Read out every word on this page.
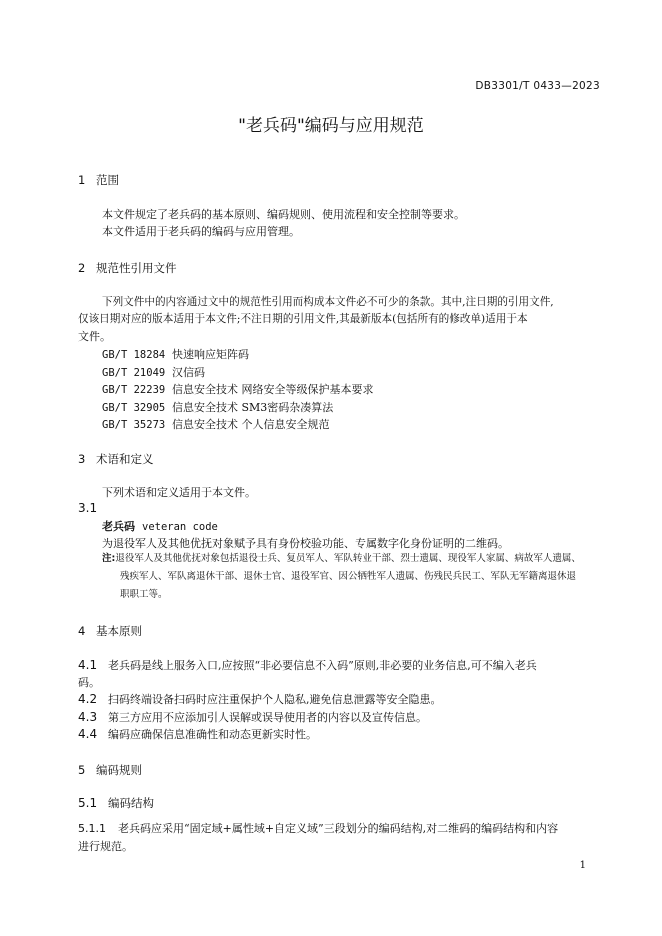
DB3301/T 0433—2023
"老兵码"编码与应用规范
1 范围
本文件规定了老兵码的基本原则、编码规则、使用流程和安全控制等要求。
本文件适用于老兵码的编码与应用管理。
2 规范性引用文件
下列文件中的内容通过文中的规范性引用而构成本文件必不可少的条款。其中,注日期的引用文件,
仅该日期对应的版本适用于本文件;不注日期的引用文件,其最新版本(包括所有的修改单)适用于本
文件。
GB/T 18284 快速响应矩阵码
GB/T 21049 汉信码
GB/T 22239 信息安全技术 网络安全等级保护基本要求
GB/T 32905 信息安全技术 SM3密码杂凑算法
GB/T 35273 信息安全技术 个人信息安全规范
3 术语和定义
下列术语和定义适用于本文件。
3.1
老兵码 veteran code
为退役军人及其他优抚对象赋予具有身份校验功能、专属数字化身份证明的二维码。
注:退役军人及其他优抚对象包括退役士兵、复员军人、军队转业干部、烈士遗属、现役军人家属、病故军人遗属、
残疾军人、军队离退休干部、退休士官、退役军官、因公牺牲军人遗属、伤残民兵民工、军队无军籍离退休退
职职工等。
4 基本原则
4.1 老兵码是线上服务入口,应按照“非必要信息不入码”原则,非必要的业务信息,可不编入老兵
码。
4.2 扫码终端设备扫码时应注重保护个人隐私,避免信息泄露等安全隐患。
4.3 第三方应用不应添加引人误解或误导使用者的内容以及宣传信息。
4.4 编码应确保信息准确性和动态更新实时性。
5 编码规则
5.1 编码结构
5.1.1 老兵码应采用“固定域+属性域+自定义域”三段划分的编码结构,对二维码的编码结构和内容
进行规范。
1
